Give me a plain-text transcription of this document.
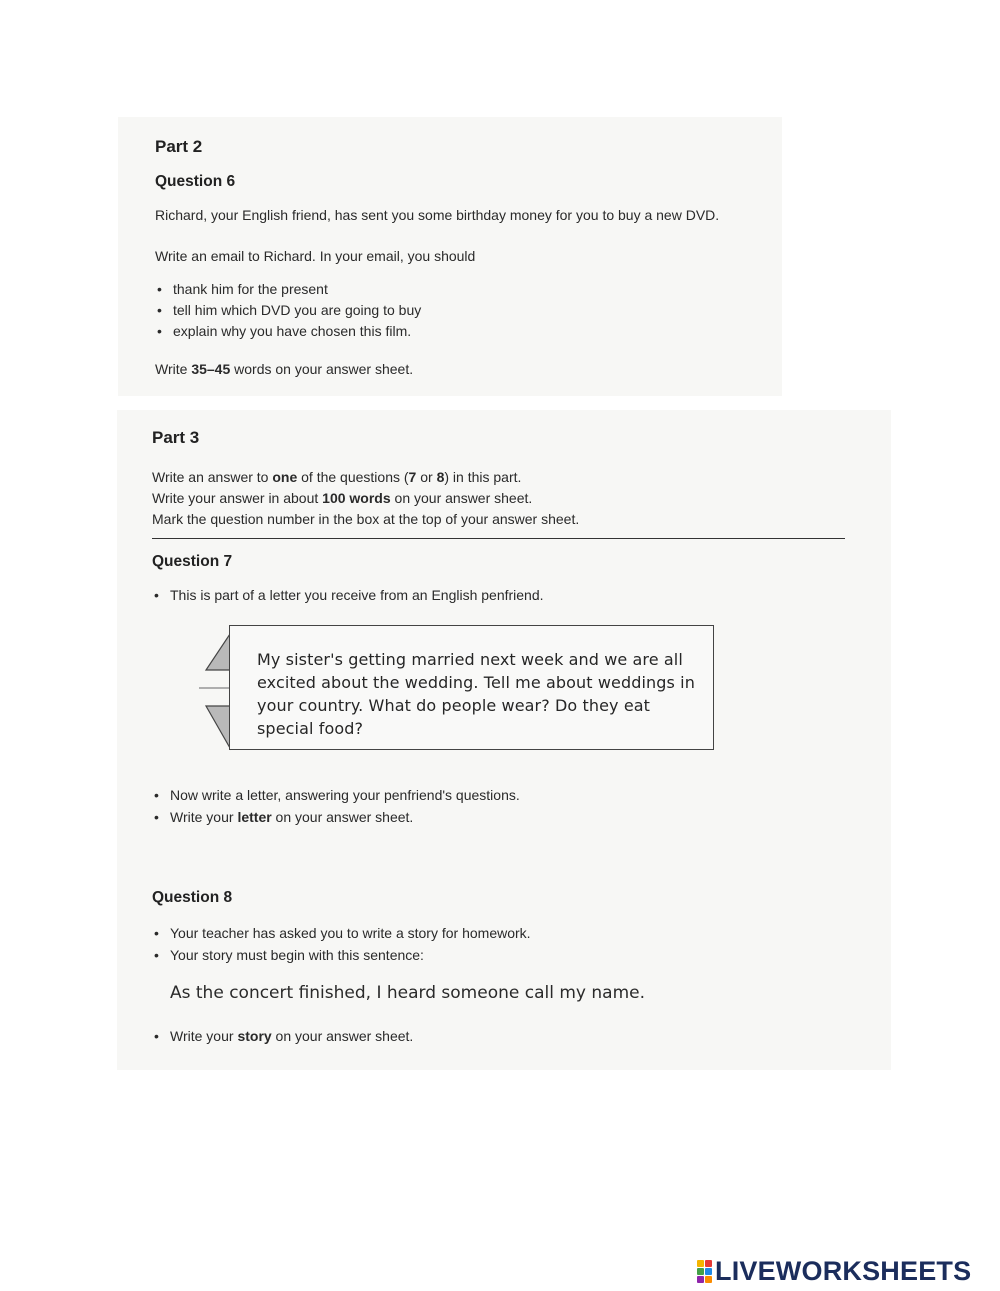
Part 2
Question 6
Richard, your English friend, has sent you some birthday money for you to buy a new DVD.
Write an email to Richard. In your email, you should
• thank him for the present
• tell him which DVD you are going to buy
• explain why you have chosen this film.
Write 35–45 words on your answer sheet.
Part 3
Write an answer to one of the questions (7 or 8) in this part.
Write your answer in about 100 words on your answer sheet.
Mark the question number in the box at the top of your answer sheet.
Question 7
• This is part of a letter you receive from an English penfriend.
My sister's getting married next week and we are all excited about the wedding. Tell me about weddings in your country. What do people wear? Do they eat special food?
• Now write a letter, answering your penfriend's questions.
• Write your letter on your answer sheet.
Question 8
• Your teacher has asked you to write a story for homework.
• Your story must begin with this sentence:
As the concert finished, I heard someone call my name.
• Write your story on your answer sheet.
LIVEWORKSHEETS
